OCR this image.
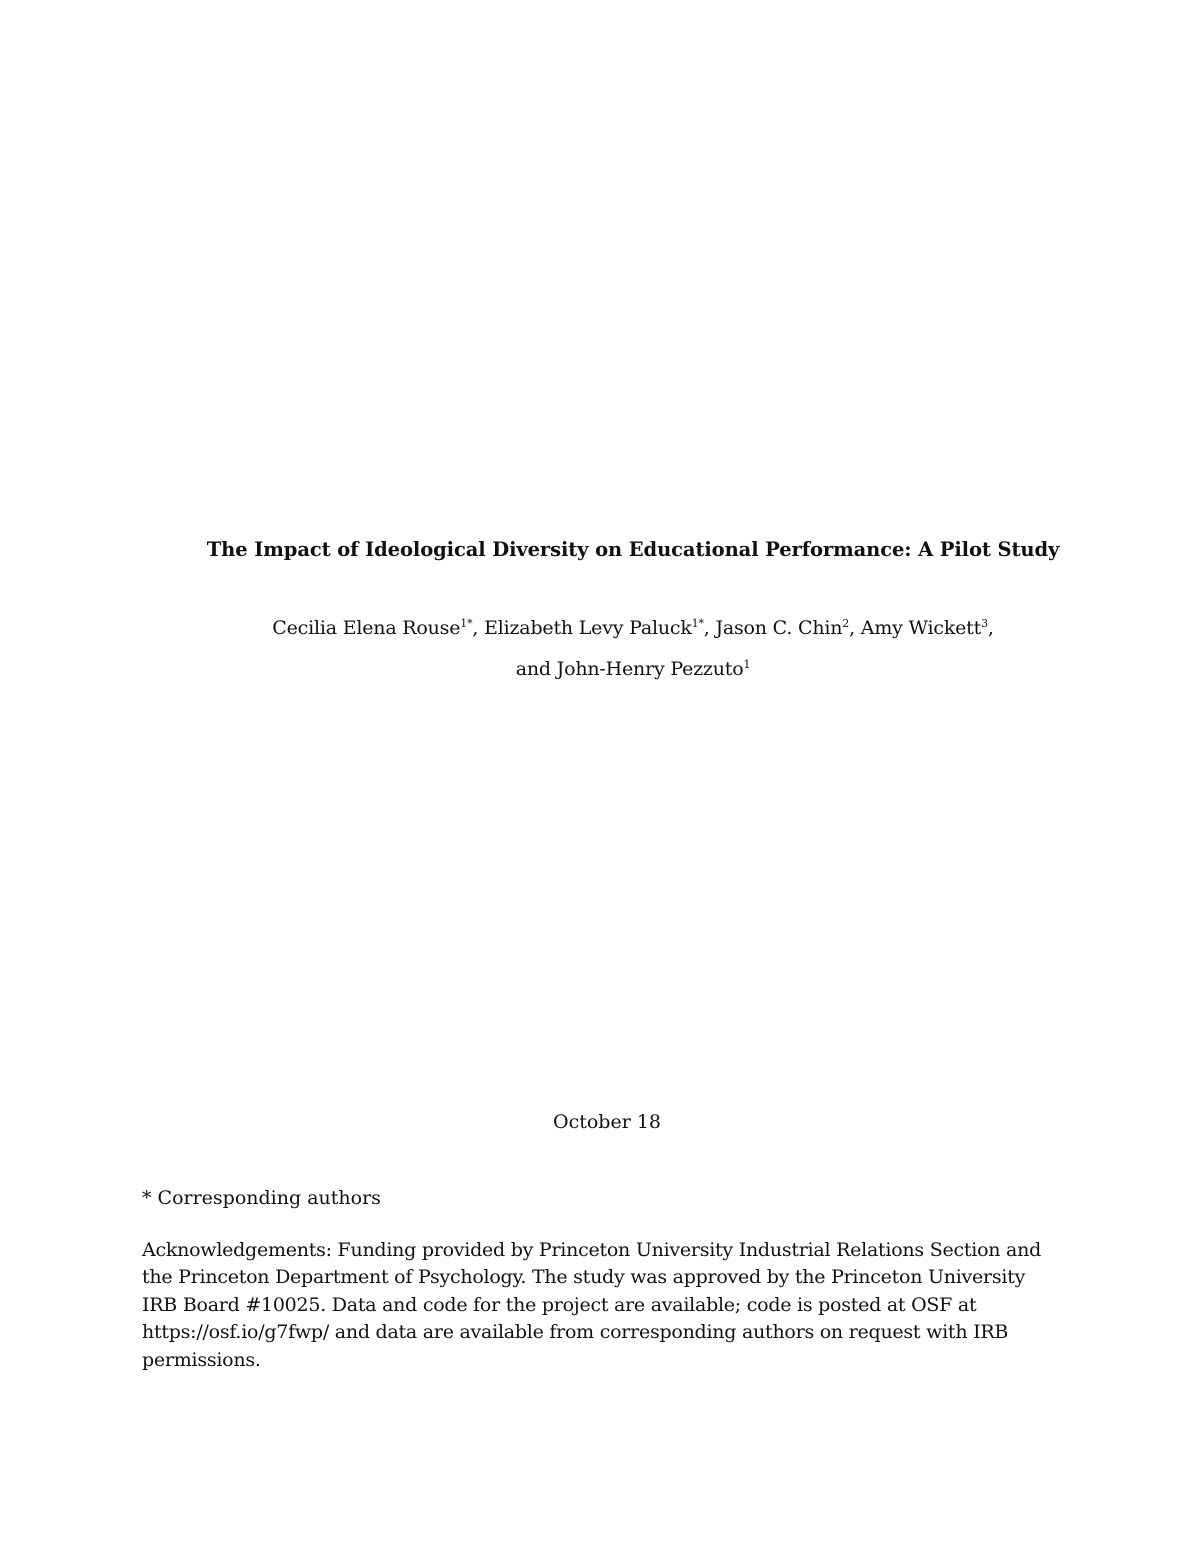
The Impact of Ideological Diversity on Educational Performance: A Pilot Study
Cecilia Elena Rouse$^{1*}$, Elizabeth Levy Paluck$^{1*}$, Jason C. Chin$^2$, Amy Wickett$^3$,
and John-Henry Pezzuto$^1$
October 18
* Corresponding authors
Acknowledgements: Funding provided by Princeton University Industrial Relations Section and
the Princeton Department of Psychology. The study was approved by the Princeton University
IRB Board #10025. Data and code for the project are available; code is posted at OSF at
https://osf.io/g7fwp/ and data are available from corresponding authors on request with IRB
permissions.
